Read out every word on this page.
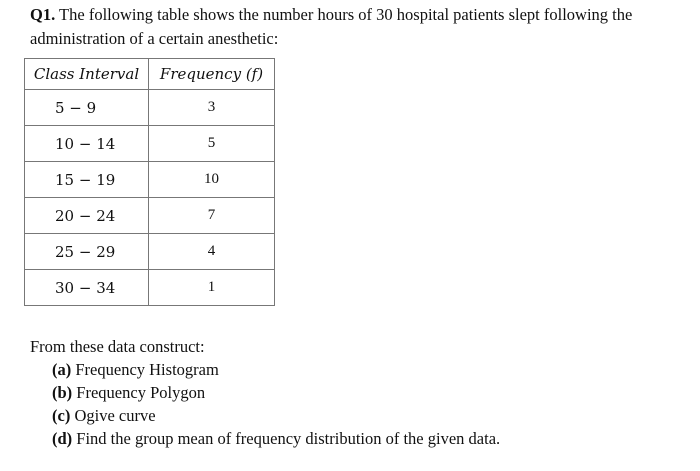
Q1. The following table shows the number hours of 30 hospital patients slept following the administration of a certain anesthetic:
Class Interval	Frequency (f)
5 − 9	3
10 − 14	5
15 − 19	10
20 − 24	7
25 − 29	4
30 − 34	1
From these data construct:
(a) Frequency Histogram
(b) Frequency Polygon
(c) Ogive curve
(d) Find the group mean of frequency distribution of the given data.
